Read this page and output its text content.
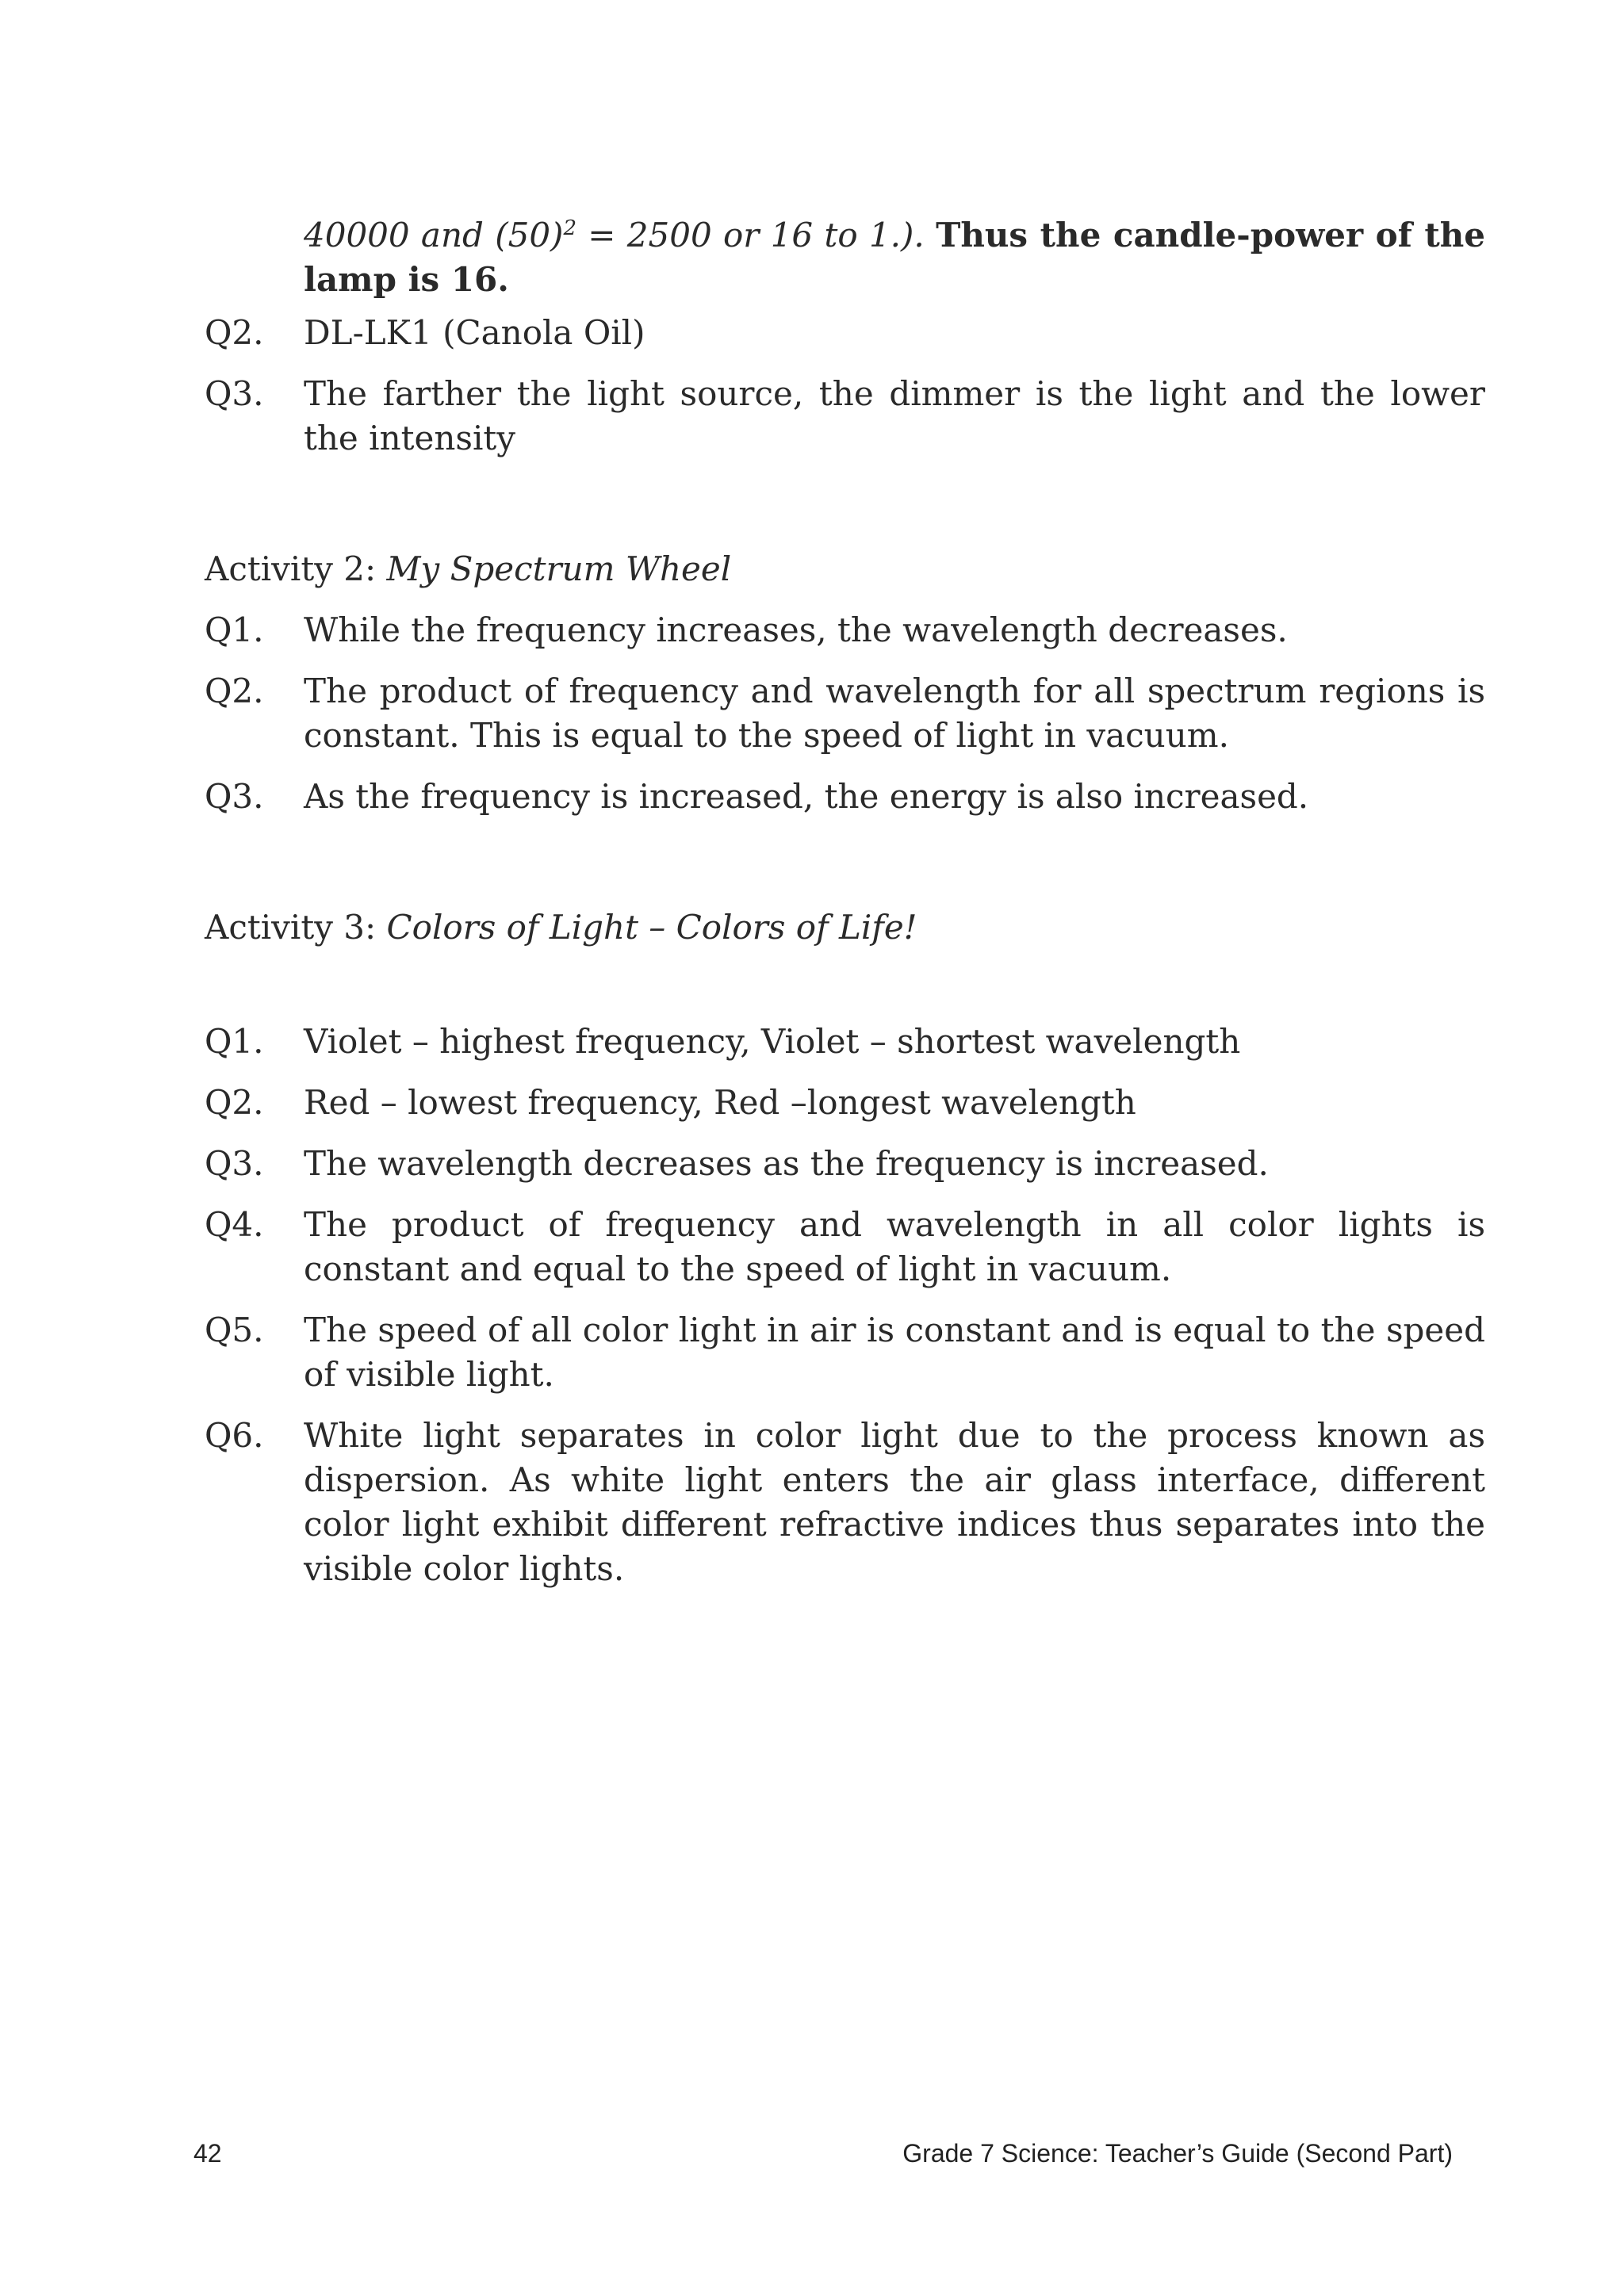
40000 and $(50)^2 = 2500$ or 16 to 1.). Thus the candle-power of the lamp is 16.
Q2. DL-LK1 (Canola Oil)
Q3. The farther the light source, the dimmer is the light and the lower the intensity
Activity 2: My Spectrum Wheel
Q1. While the frequency increases, the wavelength decreases.
Q2. The product of frequency and wavelength for all spectrum regions is constant. This is equal to the speed of light in vacuum.
Q3. As the frequency is increased, the energy is also increased.
Activity 3: Colors of Light – Colors of Life!
Q1. Violet – highest frequency, Violet – shortest wavelength
Q2. Red – lowest frequency, Red –longest wavelength
Q3. The wavelength decreases as the frequency is increased.
Q4. The product of frequency and wavelength in all color lights is constant and equal to the speed of light in vacuum.
Q5. The speed of all color light in air is constant and is equal to the speed of visible light.
Q6. White light separates in color light due to the process known as dispersion. As white light enters the air glass interface, different color light exhibit different refractive indices thus separates into the visible color lights.
42	Grade 7 Science: Teacher’s Guide (Second Part)
